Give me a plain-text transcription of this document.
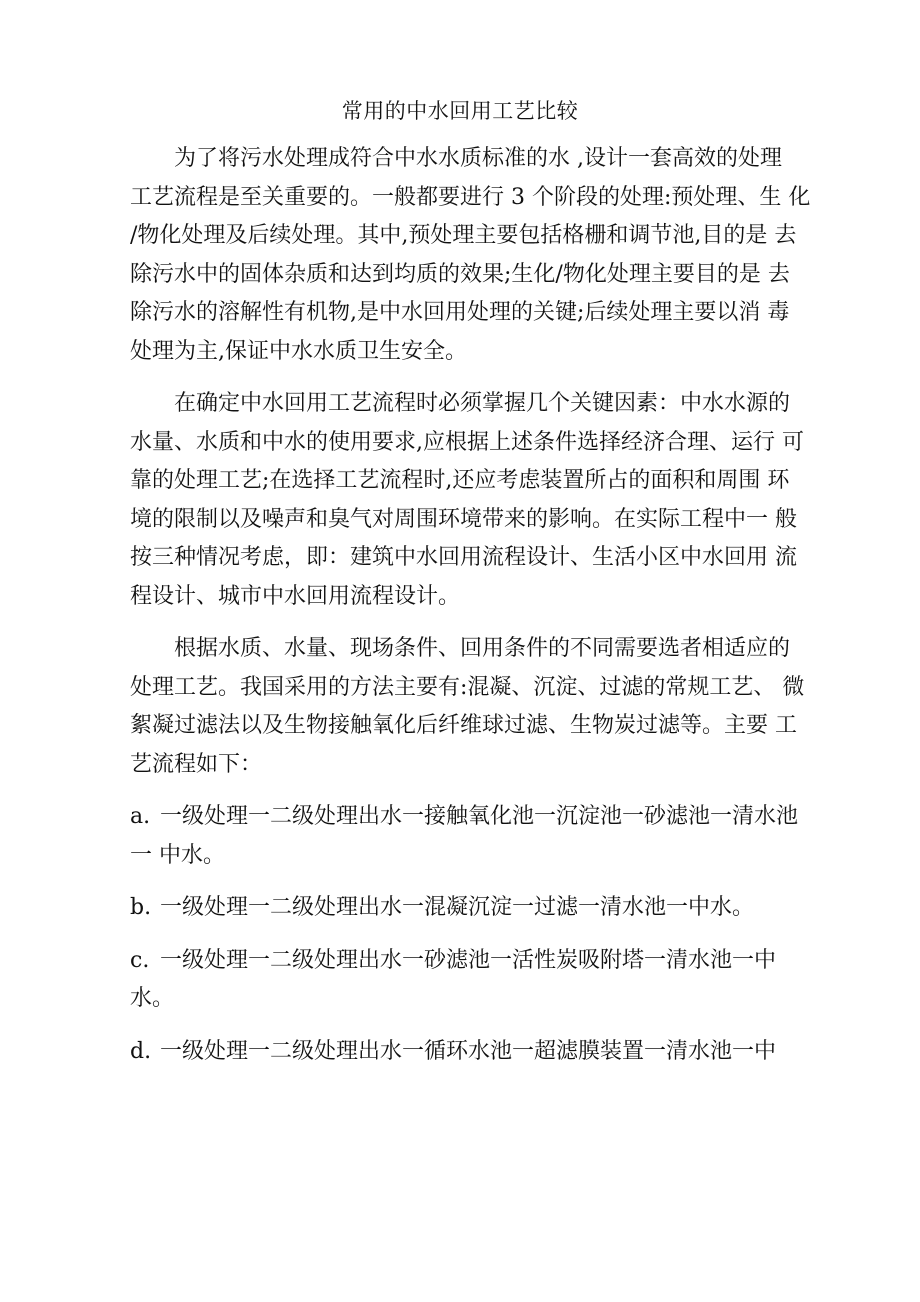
常用的中水回用工艺比较

为了将污水处理成符合中水水质标准的水 ,设计一套高效的处理
工艺流程是至关重要的。一般都要进行 3 个阶段的处理:预处理、生 化
/物化处理及后续处理。其中,预处理主要包括格栅和调节池,目的是 去
除污水中的固体杂质和达到均质的效果;生化/物化处理主要目的是 去
除污水的溶解性有机物,是中水回用处理的关键;后续处理主要以消 毒
处理为主,保证中水水质卫生安全。

在确定中水回用工艺流程时必须掌握几个关键因素：中水水源的
水量、水质和中水的使用要求,应根据上述条件选择经济合理、运行 可
靠的处理工艺;在选择工艺流程时,还应考虑装置所占的面积和周围 环
境的限制以及噪声和臭气对周围环境带来的影响。在实际工程中一 般
按三种情况考虑，即：建筑中水回用流程设计、生活小区中水回用 流
程设计、城市中水回用流程设计。

根据水质、水量、现场条件、回用条件的不同需要选者相适应的
处理工艺。我国采用的方法主要有:混凝、沉淀、过滤的常规工艺、 微
絮凝过滤法以及生物接触氧化后纤维球过滤、生物炭过滤等。主要 工
艺流程如下：

a. 一级处理一二级处理出水一接触氧化池一沉淀池一砂滤池一清水池
一 中水。
b. 一级处理一二级处理出水一混凝沉淀一过滤一清水池一中水。
c. 一级处理一二级处理出水一砂滤池一活性炭吸附塔一清水池一中
水。
d. 一级处理一二级处理出水一循环水池一超滤膜装置一清水池一中
